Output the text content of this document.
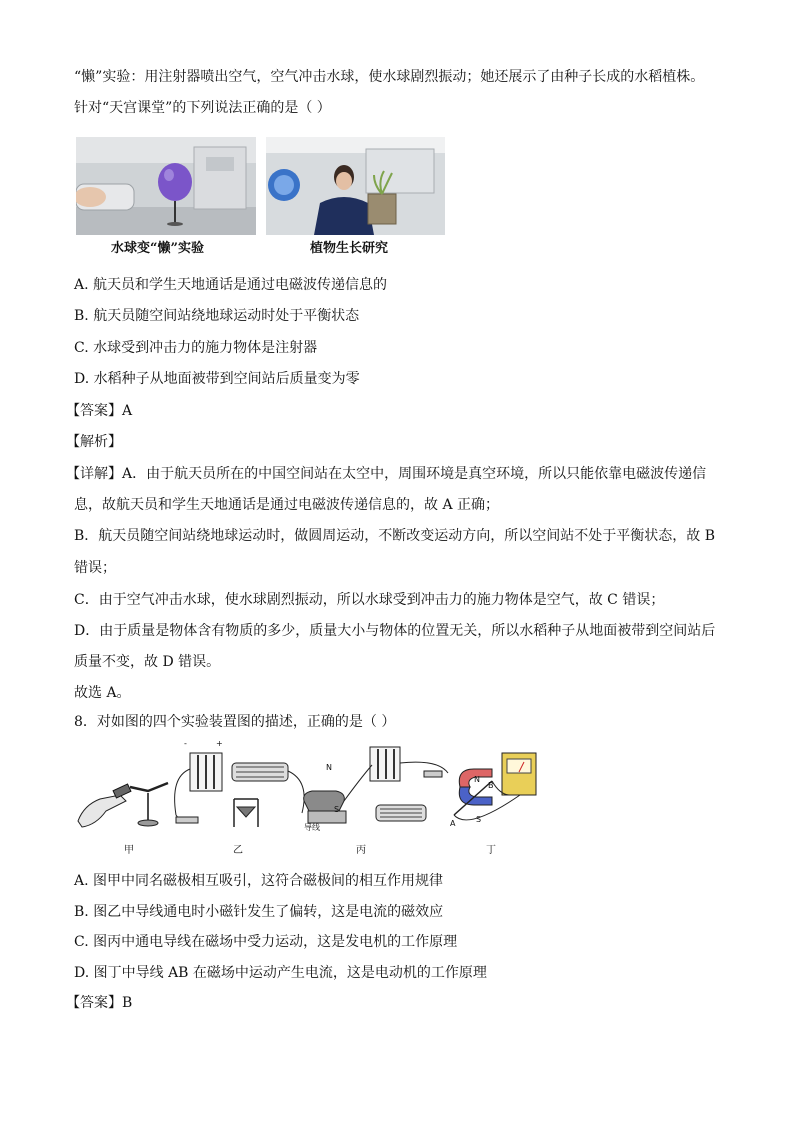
“懒”实验：用注射器喷出空气，空气冲击水球，使水球剧烈振动；她还展示了由种子长成的水稻植株。
针对“天宫课堂”的下列说法正确的是（ ）
水球变“懒”实验	植物生长研究
A. 航天员和学生天地通话是通过电磁波传递信息的
B. 航天员随空间站绕地球运动时处于平衡状态
C. 水球受到冲击力的施力物体是注射器
D. 水稻种子从地面被带到空间站后质量变为零
【答案】A
【解析】
【详解】A．由于航天员所在的中国空间站在太空中，周围环境是真空环境，所以只能依靠电磁波传递信
息，故航天员和学生天地通话是通过电磁波传递信息的，故 A 正确；
B．航天员随空间站绕地球运动时，做圆周运动，不断改变运动方向，所以空间站不处于平衡状态，故 B
错误；
C．由于空气冲击水球，使水球剧烈振动，所以水球受到冲击力的施力物体是空气，故 C 错误；
D．由于质量是物体含有物质的多少，质量大小与物体的位置无关，所以水稻种子从地面被带到空间站后
质量不变，故 D 错误。
故选 A。
8．对如图的四个实验装置图的描述，正确的是（ ）
导线
N
S
N
S
A
B
-	+
甲	乙	丙	丁
A. 图甲中同名磁极相互吸引，这符合磁极间的相互作用规律
B. 图乙中导线通电时小磁针发生了偏转，这是电流的磁效应
C. 图丙中通电导线在磁场中受力运动，这是发电机的工作原理
D. 图丁中导线 AB 在磁场中运动产生电流，这是电动机的工作原理
【答案】B
